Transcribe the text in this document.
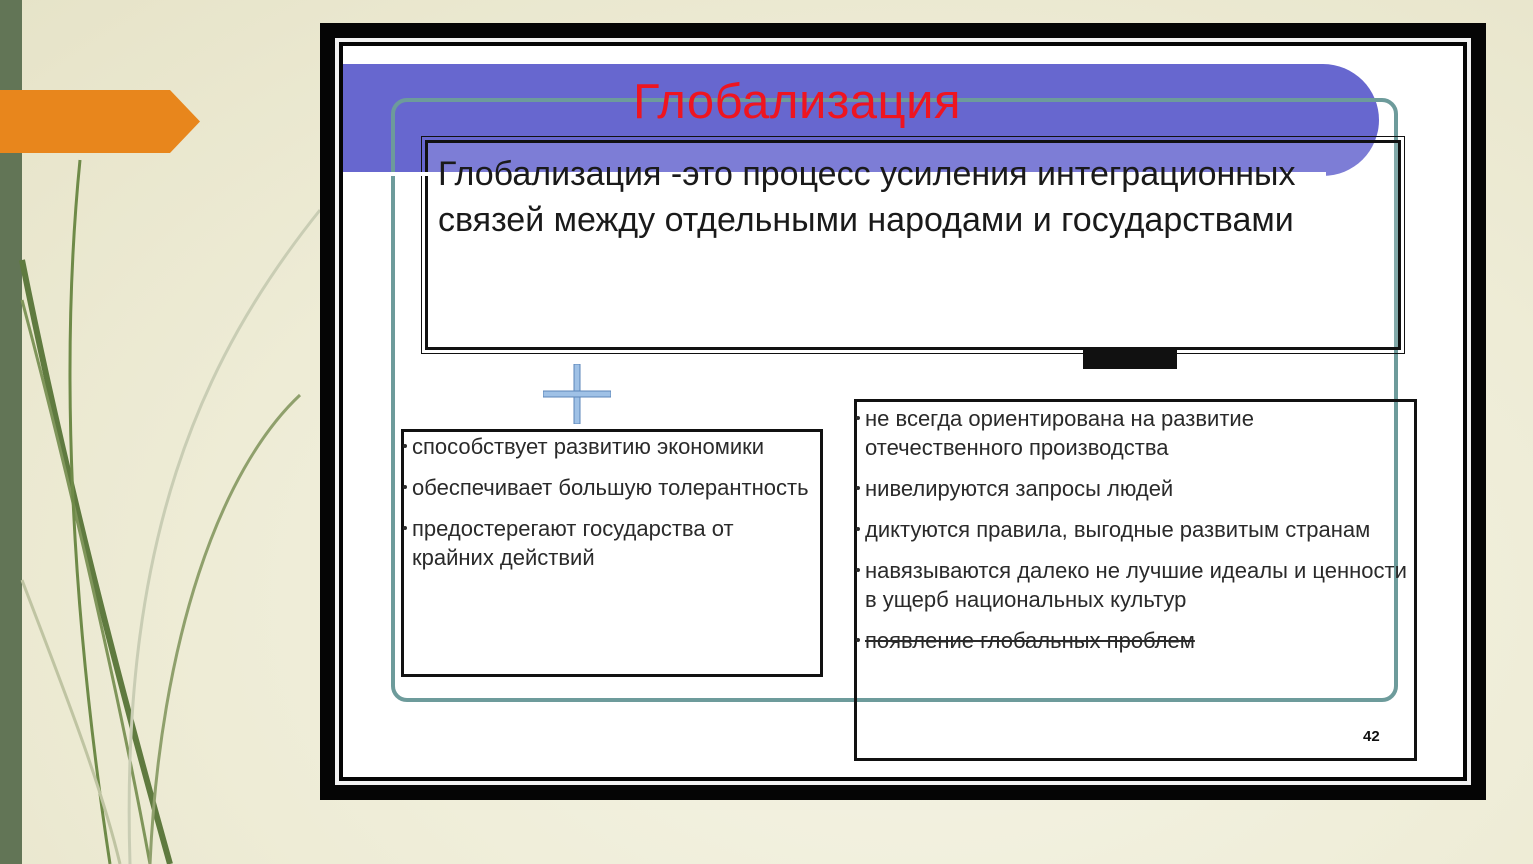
Глобализация
Глобализация -это процесс усиления интеграционных связей между отдельными народами и государствами
способствует развитию экономики
обеспечивает большую толерантность
предостерегают государства от крайних действий
не всегда ориентирована на развитие отечественного производства
нивелируются запросы людей
диктуются правила, выгодные развитым странам
навязываются далеко не лучшие идеалы и ценности в ущерб национальных культур
появление глобальных проблем
42
